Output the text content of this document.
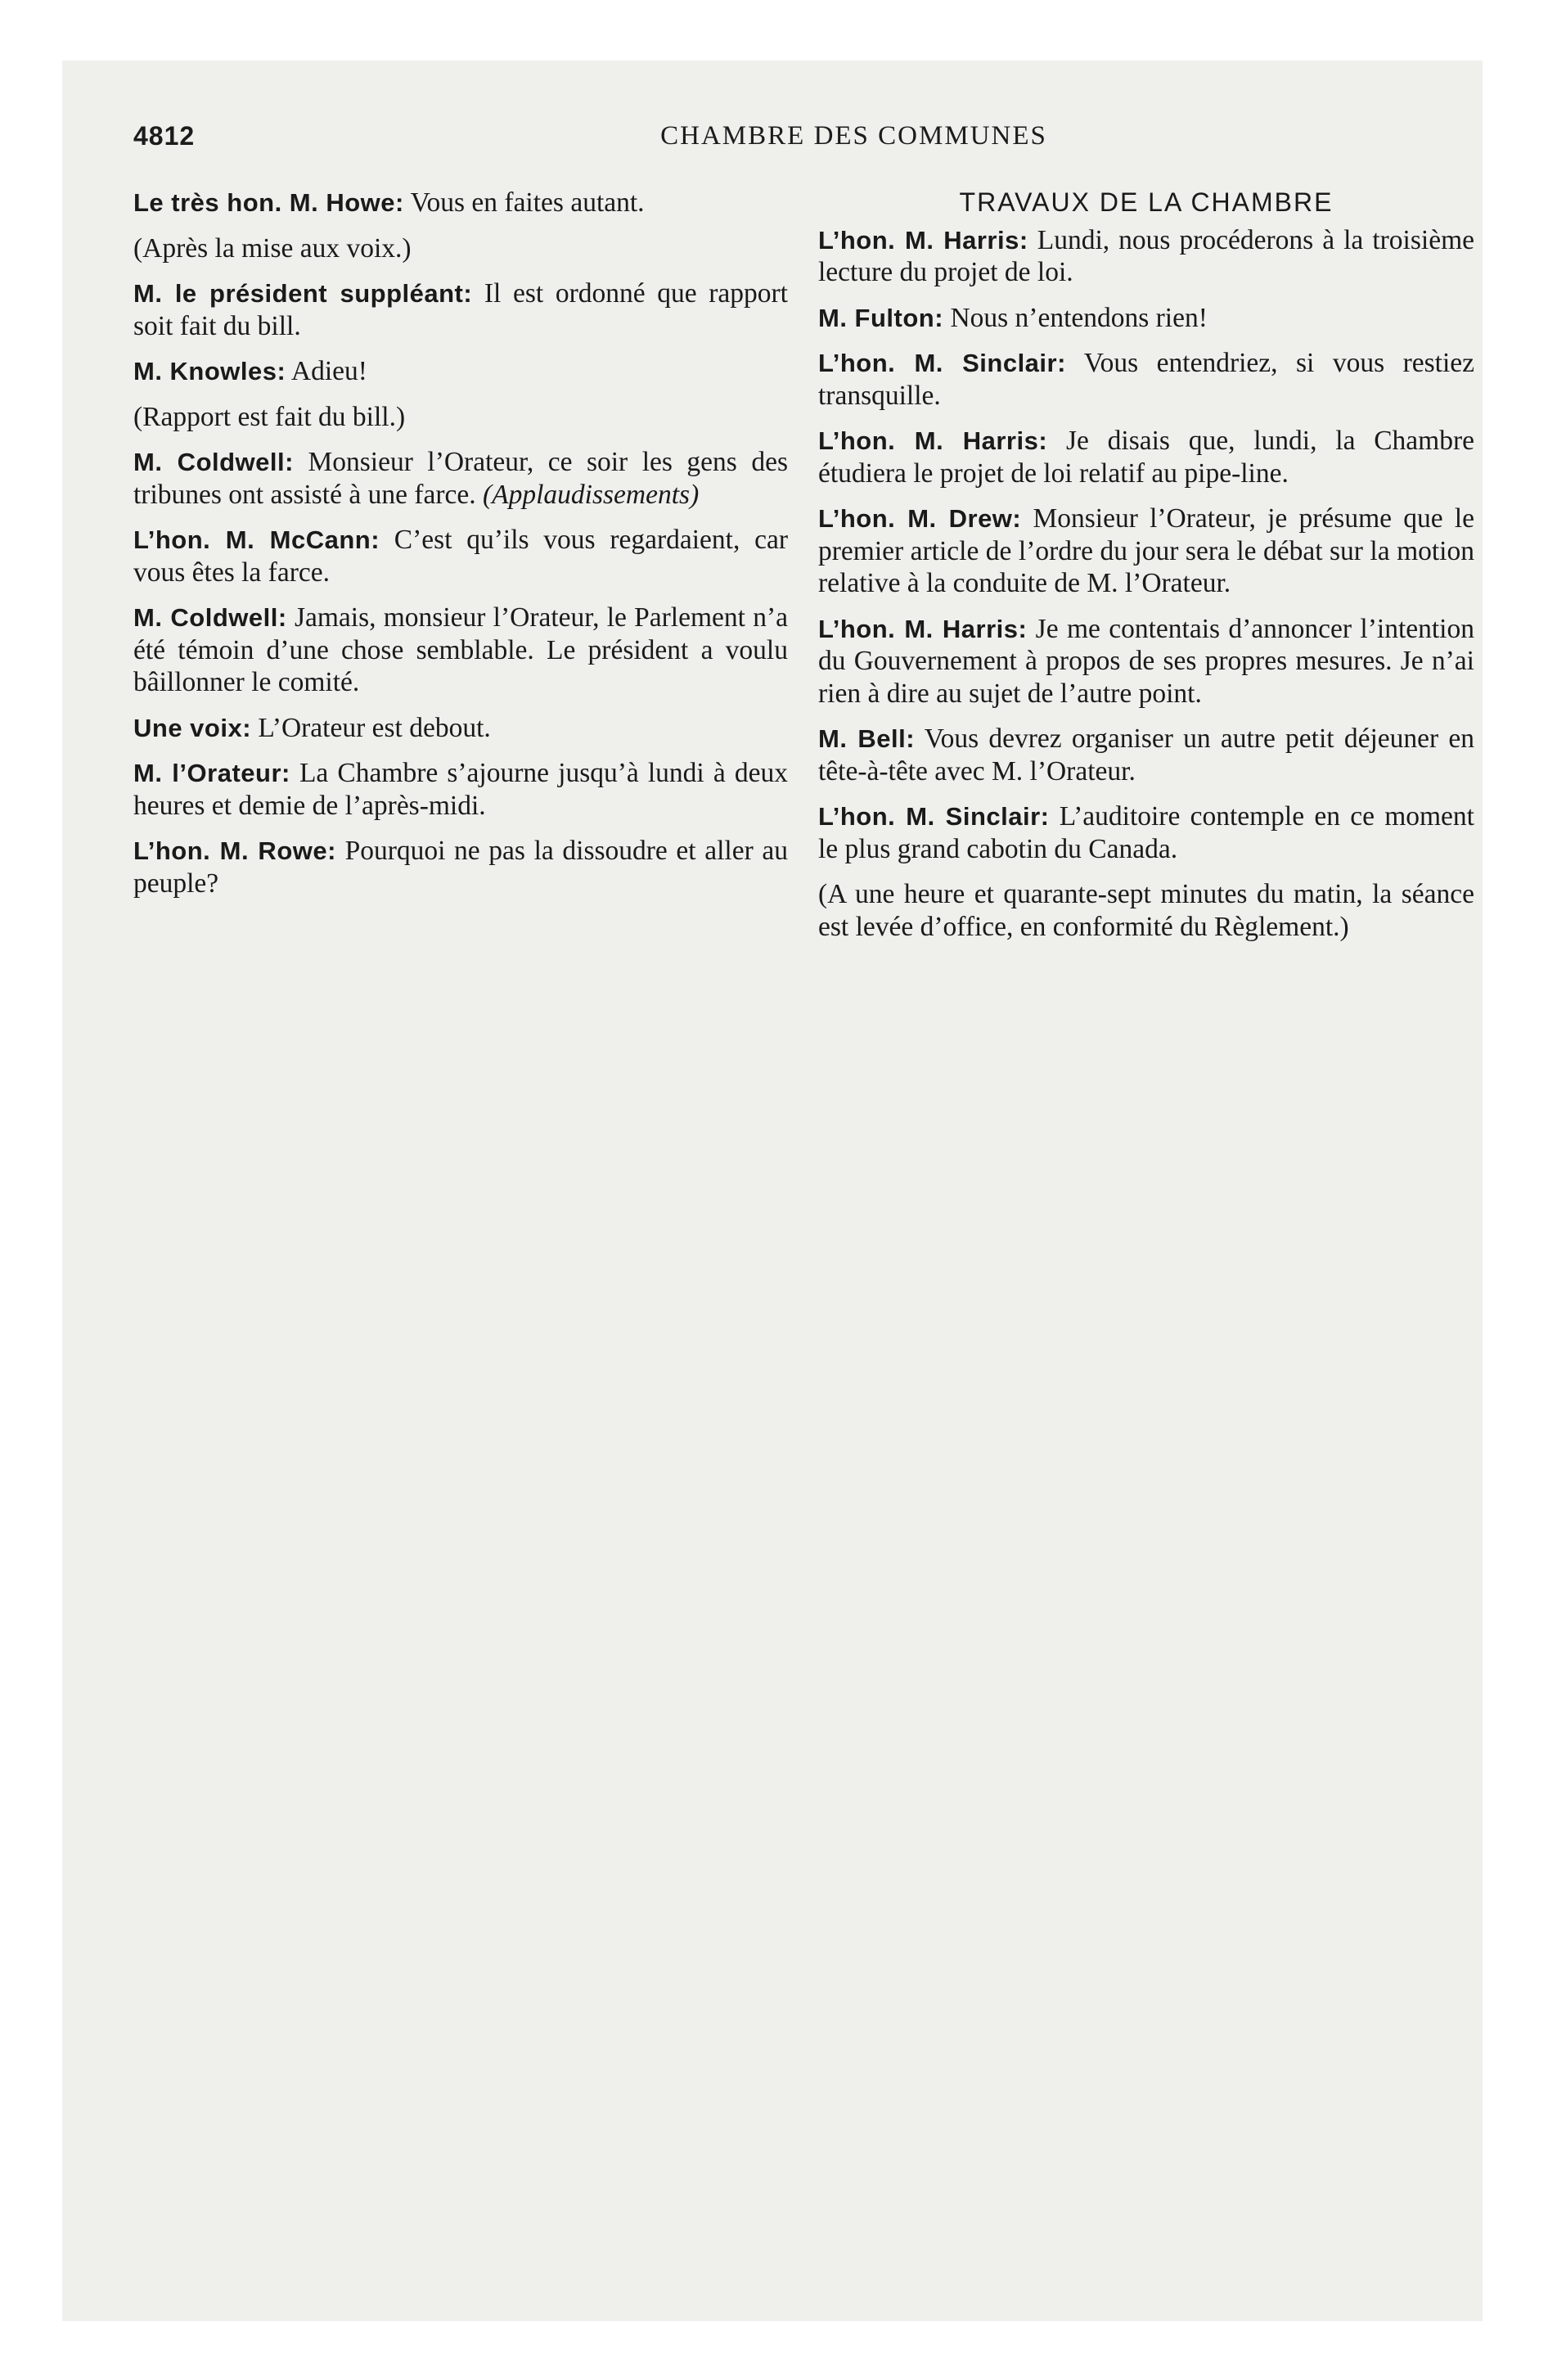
4812	CHAMBRE DES COMMUNES

Le très hon. M. Howe: Vous en faites autant.

(Après la mise aux voix.)

M. le président suppléant: Il est ordonné que rapport soit fait du bill.

M. Knowles: Adieu!

(Rapport est fait du bill.)

M. Coldwell: Monsieur l’Orateur, ce soir les gens des tribunes ont assisté à une farce. (Applaudissements)

L’hon. M. McCann: C’est qu’ils vous regardaient, car vous êtes la farce.

M. Coldwell: Jamais, monsieur l’Orateur, le Parlement n’a été témoin d’une chose semblable. Le président a voulu bâillonner le comité.

Une voix: L’Orateur est debout.

M. l’Orateur: La Chambre s’ajourne jusqu’à lundi à deux heures et demie de l’après-midi.

L’hon. M. Rowe: Pourquoi ne pas la dissoudre et aller au peuple?

TRAVAUX DE LA CHAMBRE

L’hon. M. Harris: Lundi, nous procéderons à la troisième lecture du projet de loi.

M. Fulton: Nous n’entendons rien!

L’hon. M. Sinclair: Vous entendriez, si vous restiez transquille.

L’hon. M. Harris: Je disais que, lundi, la Chambre étudiera le projet de loi relatif au pipe-line.

L’hon. M. Drew: Monsieur l’Orateur, je présume que le premier article de l’ordre du jour sera le débat sur la motion relative à la conduite de M. l’Orateur.

L’hon. M. Harris: Je me contentais d’annoncer l’intention du Gouvernement à propos de ses propres mesures. Je n’ai rien à dire au sujet de l’autre point.

M. Bell: Vous devrez organiser un autre petit déjeuner en tête-à-tête avec M. l’Orateur.

L’hon. M. Sinclair: L’auditoire contemple en ce moment le plus grand cabotin du Canada.

(A une heure et quarante-sept minutes du matin, la séance est levée d’office, en conformité du Règlement.)
